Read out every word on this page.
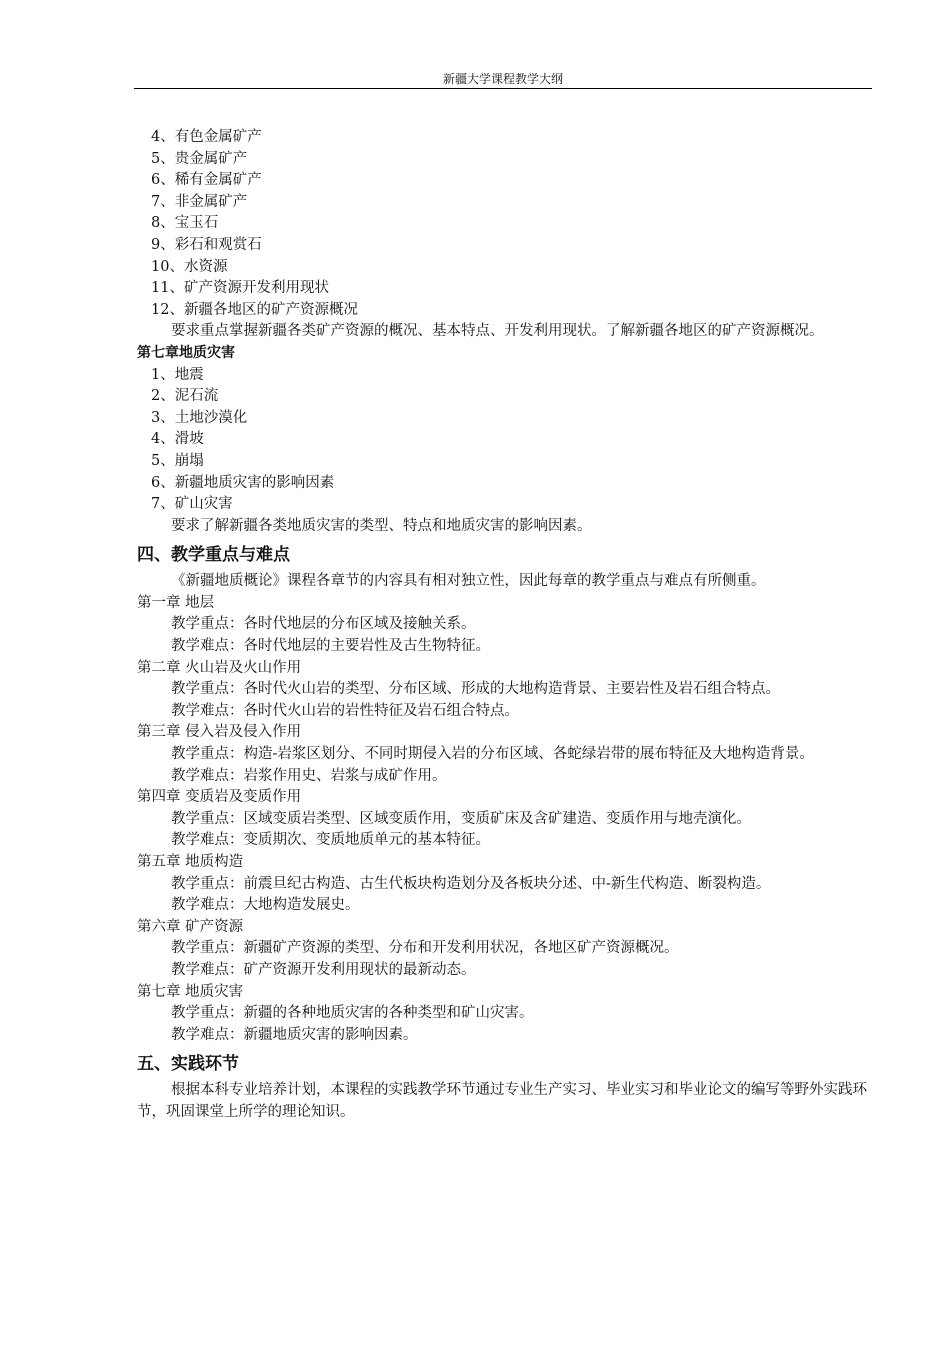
新疆大学课程教学大纲
4、有色金属矿产
5、贵金属矿产
6、稀有金属矿产
7、非金属矿产
8、宝玉石
9、彩石和观赏石
10、水资源
11、矿产资源开发利用现状
12、新疆各地区的矿产资源概况
要求重点掌握新疆各类矿产资源的概况、基本特点、开发利用现状。了解新疆各地区的矿产资源概况。
第七章地质灾害
1、地震
2、泥石流
3、土地沙漠化
4、滑坡
5、崩塌
6、新疆地质灾害的影响因素
7、矿山灾害
要求了解新疆各类地质灾害的类型、特点和地质灾害的影响因素。
四、教学重点与难点
《新疆地质概论》课程各章节的内容具有相对独立性，因此每章的教学重点与难点有所侧重。
第一章 地层
教学重点：各时代地层的分布区域及接触关系。
教学难点：各时代地层的主要岩性及古生物特征。
第二章 火山岩及火山作用
教学重点：各时代火山岩的类型、分布区域、形成的大地构造背景、主要岩性及岩石组合特点。
教学难点：各时代火山岩的岩性特征及岩石组合特点。
第三章 侵入岩及侵入作用
教学重点：构造-岩浆区划分、不同时期侵入岩的分布区域、各蛇绿岩带的展布特征及大地构造背景。
教学难点：岩浆作用史、岩浆与成矿作用。
第四章 变质岩及变质作用
教学重点：区域变质岩类型、区域变质作用，变质矿床及含矿建造、变质作用与地壳演化。
教学难点：变质期次、变质地质单元的基本特征。
第五章 地质构造
教学重点：前震旦纪古构造、古生代板块构造划分及各板块分述、中-新生代构造、断裂构造。
教学难点：大地构造发展史。
第六章 矿产资源
教学重点：新疆矿产资源的类型、分布和开发利用状况，各地区矿产资源概况。
教学难点：矿产资源开发利用现状的最新动态。
第七章 地质灾害
教学重点：新疆的各种地质灾害的各种类型和矿山灾害。
教学难点：新疆地质灾害的影响因素。
五、实践环节
根据本科专业培养计划，本课程的实践教学环节通过专业生产实习、毕业实习和毕业论文的编写等野外实践环节，巩固课堂上所学的理论知识。
